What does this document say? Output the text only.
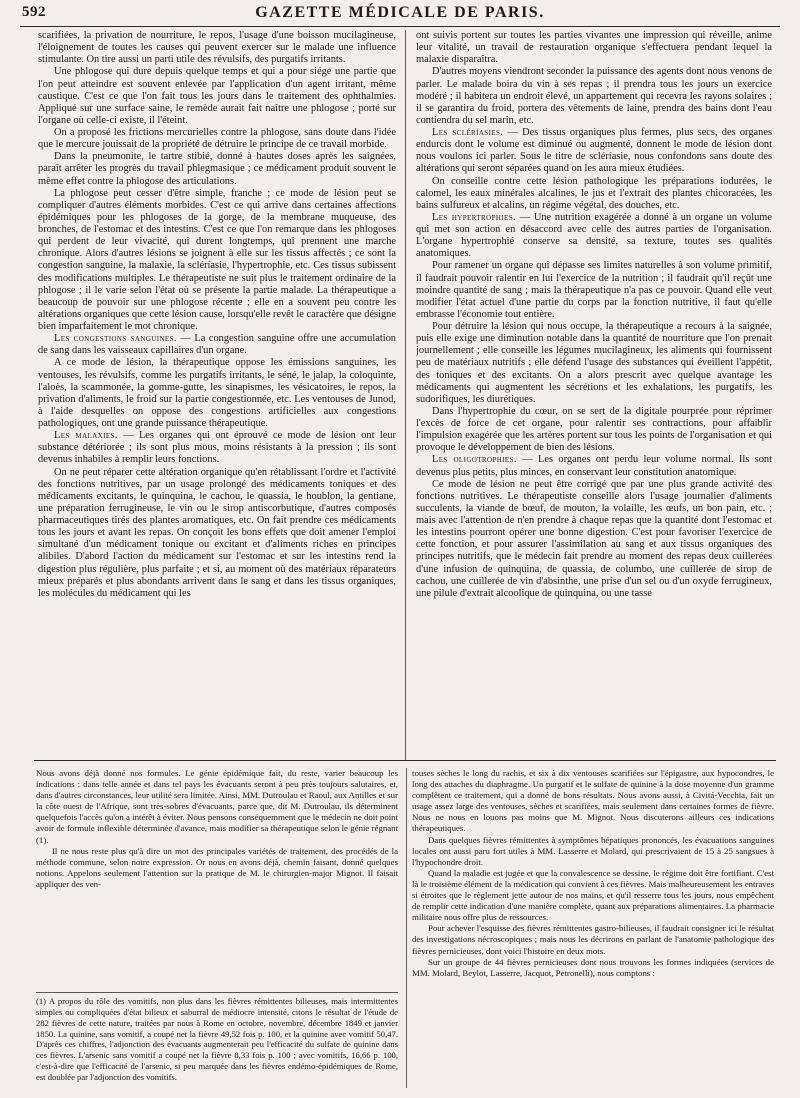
592	GAZETTE MÉDICALE DE PARIS.

scarifiées, la privation de nourriture, le repos, l'usage d'une boisson mucilagineuse, l'éloignement de toutes les causes qui peuvent exercer sur le malade une influence stimulante. On tire aussi un parti utile des révulsifs, des purgatifs irritants.

Une phlogose qui dure depuis quelque temps et qui a pour siége une partie que l'on peut atteindre est souvent enlevée par l'application d'un agent irritant, même caustique. C'est ce que l'on fait tous les jours dans le traitement des ophthalmies. Appliqué sur une surface saine, le remède aurait fait naître une phlogose ; porté sur l'organe où celle-ci existe, il l'éteint.

On a proposé les frictions mercurielles contre la phlogose, sans doute dans l'idée que le mercure jouissait de la propriété de détruire le principe de ce travail morbide.

Dans la pneumonite, le tartre stibié, donné à hautes doses après les saignées, paraît arrêter les progrès du travail phlegmasique ; ce médicament produit souvent le même effet contre la phlogose des articulations.

La phlogose peut cesser d'être simple, franche ; ce mode de lésion peut se compliquer d'autres éléments morbides. C'est ce qui arrive dans certaines affections épidémiques pour les phlogoses de la gorge, de la membrane muqueuse, des bronches, de l'estomac et des intestins. C'est ce que l'on remarque dans les phlogoses qui perdent de leur vivacité, qui durent longtemps, qui prennent une marche chronique. Alors d'autres lésions se joignent à elle sur les tissus affectés ; ce sont la congestion sanguine, la malaxie, la scléríasie, l'hypertrophie, etc. Ces tissus subissent des modifications multiples. Le thérapeutiste ne suit plus le traitement ordinaire de la phlogose ; il le varie selon l'état où se présente la partie malade. La thérapeutique a beaucoup de pouvoir sur une phlogose récente ; elle en a souvent peu contre les altérations organiques que cette lésion cause, lorsqu'elle revêt le caractère que désigne bien imparfaitement le mot chronique.

Les congestions sanguines. — La congestion sanguine offre une accumulation de sang dans les vaisseaux capillaires d'un organe.

A ce mode de lésion, la thérapeutique oppose les émissions sanguines, les ventouses, les révulsifs, comme les purgatifs irritants, le séné, le jalap, la coloquinte, l'aloès, la scammonée, la gomme-gutte, les sinapismes, les vésicatoires, le repos, la privation d'aliments, le froid sur la partie congestionnée, etc. Les ventouses de Junod, à l'aide desquelles on oppose des congestions artificielles aux congestions pathologiques, ont une grande puissance thérapeutique.

Les malaxies. — Les organes qui ont éprouvé ce mode de lésion ont leur substance détériorée ; ils sont plus mous, moins résistants à la pression ; ils sont devenus inhabiles à remplir leurs fonctions.

On ne peut réparer cette altération organique qu'en rétablissant l'ordre et l'activité des fonctions nutritives, par un usage prolongé des médicaments toniques et des médicaments excitants, le quinquina, le cachou, le quassia, le houblon, la gentiane, une préparation ferrugineuse, le vin ou le sirop antiscorbutique, d'autres composés pharmaceutiques tirés des plantes aromatiques, etc. On fait prendre ces médicaments tous les jours et avant les repas. On conçoit les bons effets que doit amener l'emploi simultané d'un médicament tonique ou excitant et d'aliments riches en principes alibiles. D'abord l'action du médicament sur l'estomac et sur les intestins rend la digestion plus régulière, plus parfaite ; et si, au moment où des matériaux réparateurs mieux préparés et plus abondants arrivent dans le sang et dans les tissus organiques, les molécules du médicament qui les

ont suivis portent sur toutes les parties vivantes une impression qui réveille, anime leur vitalité, un travail de restauration organique s'effectuera pendant lequel la malaxie disparaîtra.

D'autres moyens viendront seconder la puissance des agents dont nous venons de parler. Le malade boira du vin à ses repas ; il prendra tous les jours un exercice modéré ; il habitera un endroit élevé, un appartement qui recevra les rayons solaires ; il se garantira du froid, portera des vêtements de laine, prendra des bains dont l'eau contiendra du sel marin, etc.

Les scléríasies. — Des tissus organiques plus fermes, plus secs, des organes endurcis dont le volume est diminué ou augmenté, donnent le mode de lésion dont nous voulons ici parler. Sous le titre de scléríasie, nous confondons sans doute des altérations qui seront séparées quand on les aura mieux étudiées.

On conseille contre cette lésion pathologique les préparations iodurées, le calomel, les eaux minérales alcalines, le jus et l'extrait des plantes chicoracées, les bains sulfureux et alcalins, un régime végétal, des douches, etc.

Les hypertrophies. — Une nutrition exagérée a donné à un organe un volume qui met son action en désaccord avec celle des autres parties de l'organisation. L'organe hypertrophié conserve sa densité, sa texture, toutes ses qualités anatomiques.

Pour ramener un organe qui dépasse ses limites naturelles à son volume primitif, il faudrait pouvoir ralentir en lui l'exercice de la nutrition ; il faudrait qu'il reçût une moindre quantité de sang ; mais la thérapeutique n'a pas ce pouvoir. Quand elle veut modifier l'état actuel d'une partie du corps par la fonction nutritive, il faut qu'elle embrasse l'économie tout entière.

Pour détruire la lésion qui nous occupe, la thérapeutique a recours à la saignée, puis elle exige une diminution notable dans la quantité de nourriture que l'on prenait journellement ; elle conseille les légumes mucilagineux, les aliments qui fournissent peu de matériaux nutritifs ; elle défend l'usage des substances qui éveillent l'appétit, des toniques et des excitants. On a alors prescrit avec quelque avantage les médicaments qui augmentent les sécrétions et les exhalations, les purgatifs, les sudorifiques, les diurétiques.

Dans l'hypertrophie du cœur, on se sert de la digitale pourprée pour réprimer l'excès de force de cet organe, pour ralentir ses contractions, pour affaiblir l'impulsion exagérée que les artères portent sur tous les points de l'organisation et qui provoque le développement de bien des lésions.

Les oligotrophies. — Les organes ont perdu leur volume normal. Ils sont devenus plus petits, plus minces, en conservant leur constitution anatomique.

Ce mode de lésion ne peut être corrigé que par une plus grande activité des fonctions nutritives. Le thérapeutiste conseille alors l'usage journalier d'aliments succulents, la viande de bœuf, de mouton, la volaille, les œufs, un bon pain, etc. ; mais avec l'attention de n'en prendre à chaque repas que la quantité dont l'estomac et les intestins pourront opérer une bonne digestion. C'est pour favoriser l'exercice de cette fonction, et pour assurer l'assimilation au sang et aux tissus organiques des principes nutritifs, que le médecin fait prendre au moment des repas deux cuillerées d'une infusion de quinquina, de quassia, de columbo, une cuillerée de sirop de cachou, une cuillerée de vin d'absinthe, une prise d'un sel ou d'un oxyde ferrugineux, une pilule d'extrait alcoolique de quinquina, ou une tasse

Nous avons déjà donné nos formules. Le génie épidémique fait, du reste, varier beaucoup les indications : dans telle année et dans tel pays les évacuants seront à peu près toujours salutaires, et, dans d'autres circonstances, leur utilité sera limitée. Ainsi, MM. Dutroulau et Raoul, aux Antilles et sur la côte ouest de l'Afrique, sont très-sobres d'évacuants, parce que, dit M. Dutroulau, ils déterminent quelquefois l'accès qu'on a intérêt à éviter. Nous pensons conséquemment que le médecin ne doit point avoir de formule inflexible déterminée d'avance, mais modifier sa thérapeutique selon le génie régnant (1).

Il ne nous reste plus qu'à dire un mot des principales variétés de traitement, des procédés de la méthode commune, selon notre expression. Or nous en avons déjà, chemin faisant, donné quelques notions. Appelons seulement l'attention sur la pratique de M. le chirurgien-major Mignot. Il faisait appliquer des ven-

touses sèches le long du rachis, et six à dix ventouses scarifiées sur l'épigastre, aux hypocondres, le long des attaches du diaphragme. Un purgatif et le sulfate de quinine à la dose moyenne d'un gramme complètent ce traitement, qui a donné de bons résultats. Nous avons aussi, à Civitá-Vecchia, fait un usage assez large des ventouses, sèches et scarifiées, mais seulement dans certaines formes de fièvre. Nous ne nous en louons pas moins que M. Mignot. Nous discuterons ailleurs ces indications thérapeutiques.

Dans quelques fièvres rémittentes à symptômes hépatiques prononcés, les évacuations sanguines locales ont aussi paru fort utiles à MM. Lasserre et Molard, qui prescrivaient de 15 à 25 sangsues à l'hypochondre droit.

Quand la maladie est jugée et que la convalescence se dessine, le régime doit être fortifiant. C'est là le troisième élément de la médication qui convient à ces fièvres. Mais malheureusement les entraves si étroites que le règlement jette autour de nos mains, et qu'il resserre tous les jours, nous empêchent de remplir cette indication d'une manière complète, quant aux préparations alimentaires. La pharmacie militaire nous offre plus de ressources.

Pour achever l'esquisse des fièvres rémittentes gastro-bilieuses, il faudrait consigner ici le résultat des investigations nécroscopiques ; mais nous les décrirons en parlant de l'anatomie pathologique des fièvres pernicieuses, dont voici l'histoire en deux mots.

Sur un groupe de 44 fièvres pernicieuses dont nous trouvons les formes indiquées (services de MM. Molard, Beylot, Lasserre, Jacquot, Petronelli), nous comptons :

(1) A propos du rôle des vomitifs, non plus dans les fièvres rémittentes bilieuses, mais intermittentes simples ou compliquées d'état bilieux et saburral de médiocre intensité, citons le résultat de l'étude de 282 fièvres de cette nature, traitées par nous à Rome en octobre, novembre, décembre 1849 et janvier 1850. La quinine, sans vomitif, a coupé net la fièvre 49,52 fois p. 100, et la quinine avec vomitif 50,47. D'après ces chiffres, l'adjonction des évacuants augmenterait peu l'efficacité du sulfate de quinine dans ces fièvres. L'arsenic sans vomitif a coupé net la fièvre 8,33 fois p. 100 ; avec vomitifs, 16,66 p. 100, c'est-à-dire que l'efficacité de l'arsenic, si peu marquée dans les fièvres endémo-épidémiques de Rome, est doublée par l'adjonction des vomitifs.
